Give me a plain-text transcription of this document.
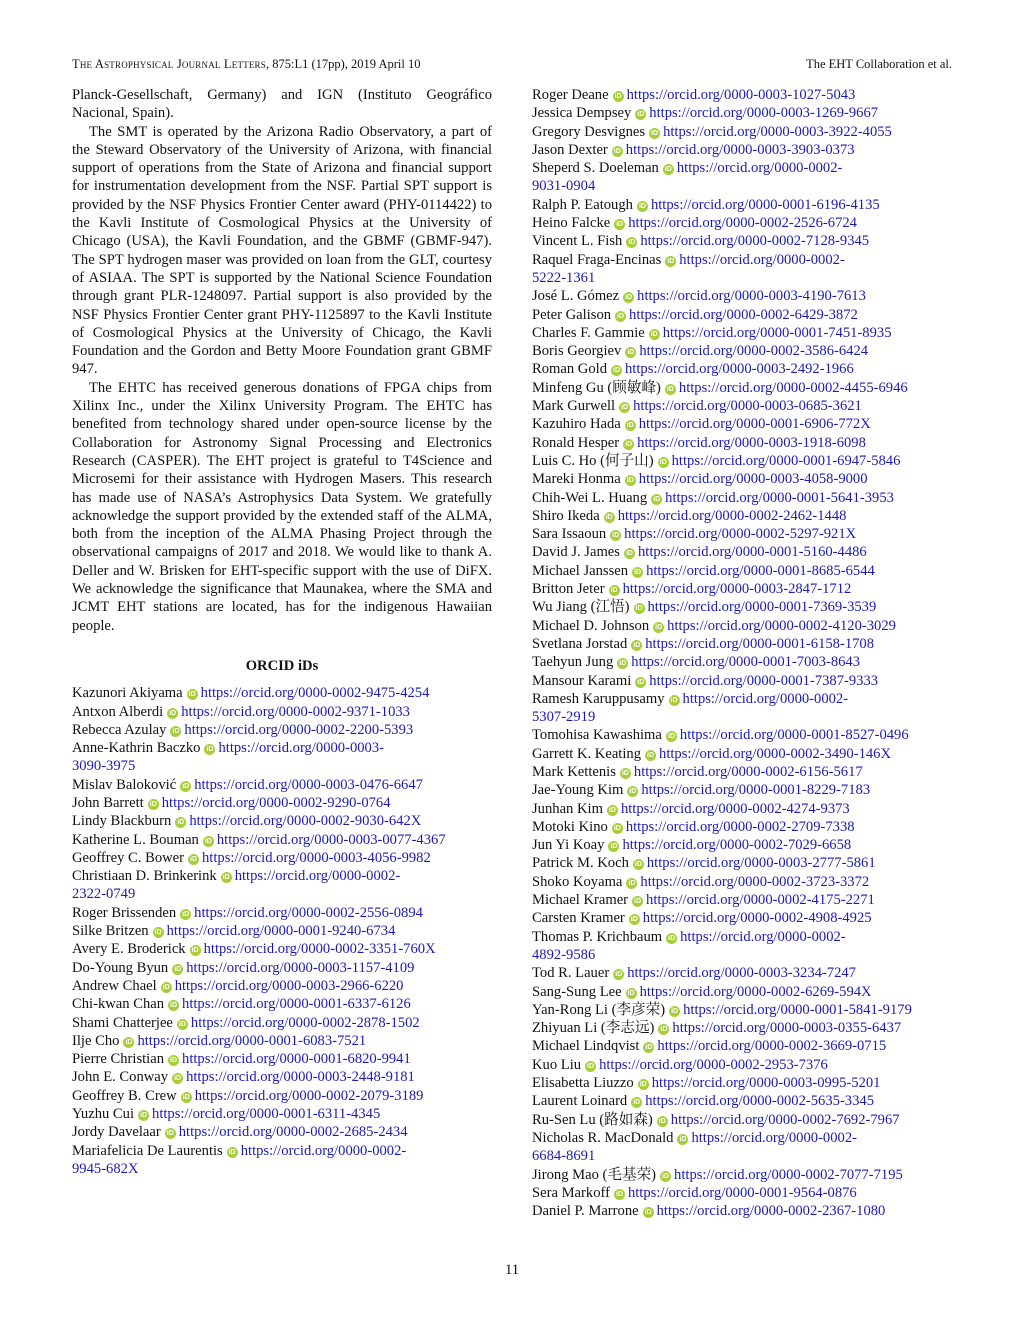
The Astrophysical Journal Letters, 875:L1 (17pp), 2019 April 10	The EHT Collaboration et al.

Planck-Gesellschaft, Germany) and IGN (Instituto Geográfico Nacional, Spain).

The SMT is operated by the Arizona Radio Observatory, a part of the Steward Observatory of the University of Arizona, with financial support of operations from the State of Arizona and financial support for instrumentation development from the NSF. Partial SPT support is provided by the NSF Physics Frontier Center award (PHY-0114422) to the Kavli Institute of Cosmological Physics at the University of Chicago (USA), the Kavli Foundation, and the GBMF (GBMF-947). The SPT hydrogen maser was provided on loan from the GLT, courtesy of ASIAA. The SPT is supported by the National Science Foundation through grant PLR-1248097. Partial support is also provided by the NSF Physics Frontier Center grant PHY-1125897 to the Kavli Institute of Cosmological Physics at the University of Chicago, the Kavli Foundation and the Gordon and Betty Moore Foundation grant GBMF 947.

The EHTC has received generous donations of FPGA chips from Xilinx Inc., under the Xilinx University Program. The EHTC has benefited from technology shared under open-source license by the Collaboration for Astronomy Signal Processing and Electronics Research (CASPER). The EHT project is grateful to T4Science and Microsemi for their assistance with Hydrogen Masers. This research has made use of NASA’s Astrophysics Data System. We gratefully acknowledge the support provided by the extended staff of the ALMA, both from the inception of the ALMA Phasing Project through the observational campaigns of 2017 and 2018. We would like to thank A. Deller and W. Brisken for EHT-specific support with the use of DiFX. We acknowledge the significance that Maunakea, where the SMA and JCMT EHT stations are located, has for the indigenous Hawaiian people.

ORCID iDs
Kazunori Akiyama iD https://orcid.org/0000-0002-9475-4254
Antxon Alberdi iD https://orcid.org/0000-0002-9371-1033
Rebecca Azulay iD https://orcid.org/0000-0002-2200-5393
Anne-Kathrin Baczko iD https://orcid.org/0000-0003-
3090-3975
Mislav Baloković iD https://orcid.org/0000-0003-0476-6647
John Barrett iD https://orcid.org/0000-0002-9290-0764
Lindy Blackburn iD https://orcid.org/0000-0002-9030-642X
Katherine L. Bouman iD https://orcid.org/0000-0003-0077-4367
Geoffrey C. Bower iD https://orcid.org/0000-0003-4056-9982
Christiaan D. Brinkerink iD https://orcid.org/0000-0002-
2322-0749
Roger Brissenden iD https://orcid.org/0000-0002-2556-0894
Silke Britzen iD https://orcid.org/0000-0001-9240-6734
Avery E. Broderick iD https://orcid.org/0000-0002-3351-760X
Do-Young Byun iD https://orcid.org/0000-0003-1157-4109
Andrew Chael iD https://orcid.org/0000-0003-2966-6220
Chi-kwan Chan iD https://orcid.org/0000-0001-6337-6126
Shami Chatterjee iD https://orcid.org/0000-0002-2878-1502
Ilje Cho iD https://orcid.org/0000-0001-6083-7521
Pierre Christian iD https://orcid.org/0000-0001-6820-9941
John E. Conway iD https://orcid.org/0000-0003-2448-9181
Geoffrey B. Crew iD https://orcid.org/0000-0002-2079-3189
Yuzhu Cui iD https://orcid.org/0000-0001-6311-4345
Jordy Davelaar iD https://orcid.org/0000-0002-2685-2434
Mariafelicia De Laurentis iD https://orcid.org/0000-0002-
9945-682X
Roger Deane iD https://orcid.org/0000-0003-1027-5043
Jessica Dempsey iD https://orcid.org/0000-0003-1269-9667
Gregory Desvignes iD https://orcid.org/0000-0003-3922-4055
Jason Dexter iD https://orcid.org/0000-0003-3903-0373
Sheperd S. Doeleman iD https://orcid.org/0000-0002-
9031-0904
Ralph P. Eatough iD https://orcid.org/0000-0001-6196-4135
Heino Falcke iD https://orcid.org/0000-0002-2526-6724
Vincent L. Fish iD https://orcid.org/0000-0002-7128-9345
Raquel Fraga-Encinas iD https://orcid.org/0000-0002-
5222-1361
José L. Gómez iD https://orcid.org/0000-0003-4190-7613
Peter Galison iD https://orcid.org/0000-0002-6429-3872
Charles F. Gammie iD https://orcid.org/0000-0001-7451-8935
Boris Georgiev iD https://orcid.org/0000-0002-3586-6424
Roman Gold iD https://orcid.org/0000-0003-2492-1966
Minfeng Gu (顾敏峰) iD https://orcid.org/0000-0002-4455-6946
Mark Gurwell iD https://orcid.org/0000-0003-0685-3621
Kazuhiro Hada iD https://orcid.org/0000-0001-6906-772X
Ronald Hesper iD https://orcid.org/0000-0003-1918-6098
Luis C. Ho (何子山) iD https://orcid.org/0000-0001-6947-5846
Mareki Honma iD https://orcid.org/0000-0003-4058-9000
Chih-Wei L. Huang iD https://orcid.org/0000-0001-5641-3953
Shiro Ikeda iD https://orcid.org/0000-0002-2462-1448
Sara Issaoun iD https://orcid.org/0000-0002-5297-921X
David J. James iD https://orcid.org/0000-0001-5160-4486
Michael Janssen iD https://orcid.org/0000-0001-8685-6544
Britton Jeter iD https://orcid.org/0000-0003-2847-1712
Wu Jiang (江悟) iD https://orcid.org/0000-0001-7369-3539
Michael D. Johnson iD https://orcid.org/0000-0002-4120-3029
Svetlana Jorstad iD https://orcid.org/0000-0001-6158-1708
Taehyun Jung iD https://orcid.org/0000-0001-7003-8643
Mansour Karami iD https://orcid.org/0000-0001-7387-9333
Ramesh Karuppusamy iD https://orcid.org/0000-0002-
5307-2919
Tomohisa Kawashima iD https://orcid.org/0000-0001-8527-0496
Garrett K. Keating iD https://orcid.org/0000-0002-3490-146X
Mark Kettenis iD https://orcid.org/0000-0002-6156-5617
Jae-Young Kim iD https://orcid.org/0000-0001-8229-7183
Junhan Kim iD https://orcid.org/0000-0002-4274-9373
Motoki Kino iD https://orcid.org/0000-0002-2709-7338
Jun Yi Koay iD https://orcid.org/0000-0002-7029-6658
Patrick M. Koch iD https://orcid.org/0000-0003-2777-5861
Shoko Koyama iD https://orcid.org/0000-0002-3723-3372
Michael Kramer iD https://orcid.org/0000-0002-4175-2271
Carsten Kramer iD https://orcid.org/0000-0002-4908-4925
Thomas P. Krichbaum iD https://orcid.org/0000-0002-
4892-9586
Tod R. Lauer iD https://orcid.org/0000-0003-3234-7247
Sang-Sung Lee iD https://orcid.org/0000-0002-6269-594X
Yan-Rong Li (李彦荣) iD https://orcid.org/0000-0001-5841-9179
Zhiyuan Li (李志远) iD https://orcid.org/0000-0003-0355-6437
Michael Lindqvist iD https://orcid.org/0000-0002-3669-0715
Kuo Liu iD https://orcid.org/0000-0002-2953-7376
Elisabetta Liuzzo iD https://orcid.org/0000-0003-0995-5201
Laurent Loinard iD https://orcid.org/0000-0002-5635-3345
Ru-Sen Lu (路如森) iD https://orcid.org/0000-0002-7692-7967
Nicholas R. MacDonald iD https://orcid.org/0000-0002-
6684-8691
Jirong Mao (毛基荣) iD https://orcid.org/0000-0002-7077-7195
Sera Markoff iD https://orcid.org/0000-0001-9564-0876
Daniel P. Marrone iD https://orcid.org/0000-0002-2367-1080
11
